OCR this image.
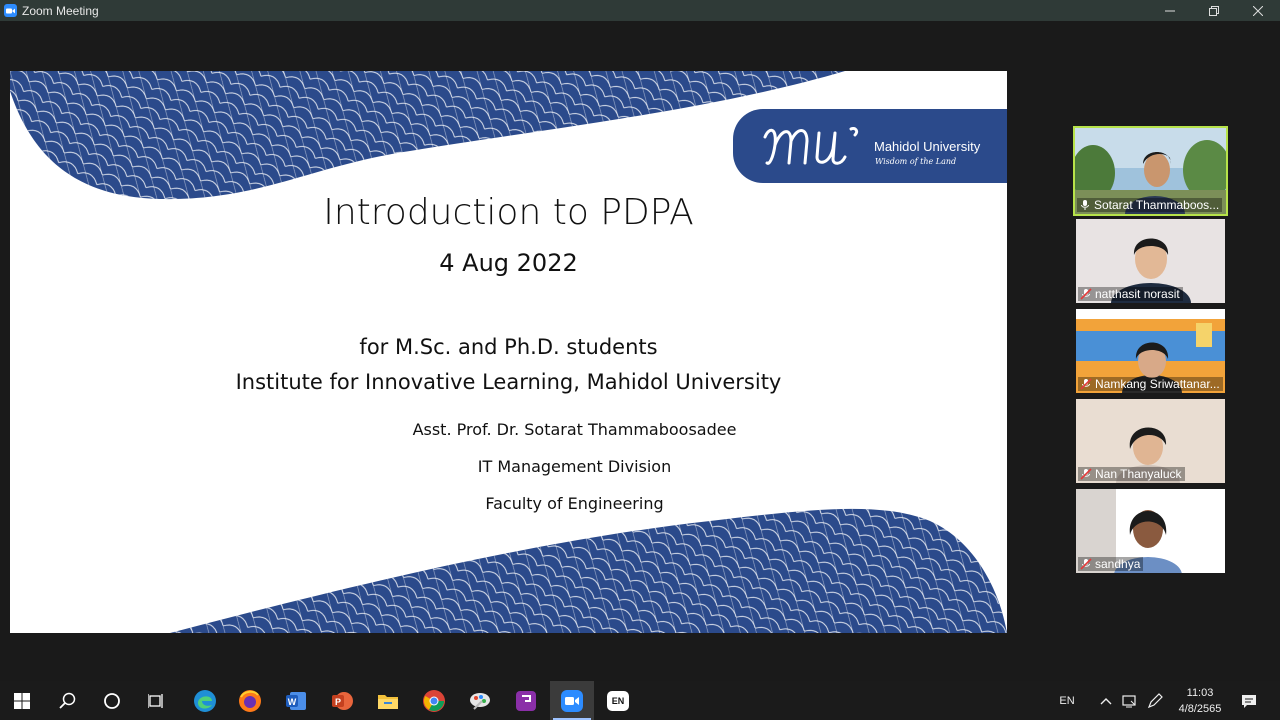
Zoom Meeting
Mahidol University
Wisdom of the Land
Introduction to PDPA
4 Aug 2022
for M.Sc. and Ph.D. students
Institute for Innovative Learning, Mahidol University
Asst. Prof. Dr. Sotarat Thammaboosadee
IT Management Division
Faculty of Engineering
Sotarat Thammaboos...
natthasit norasit
Namkang Sriwattanar...
Nan Thanyaluck
sandhya
W	P	EN	EN
11:03
4/8/2565
